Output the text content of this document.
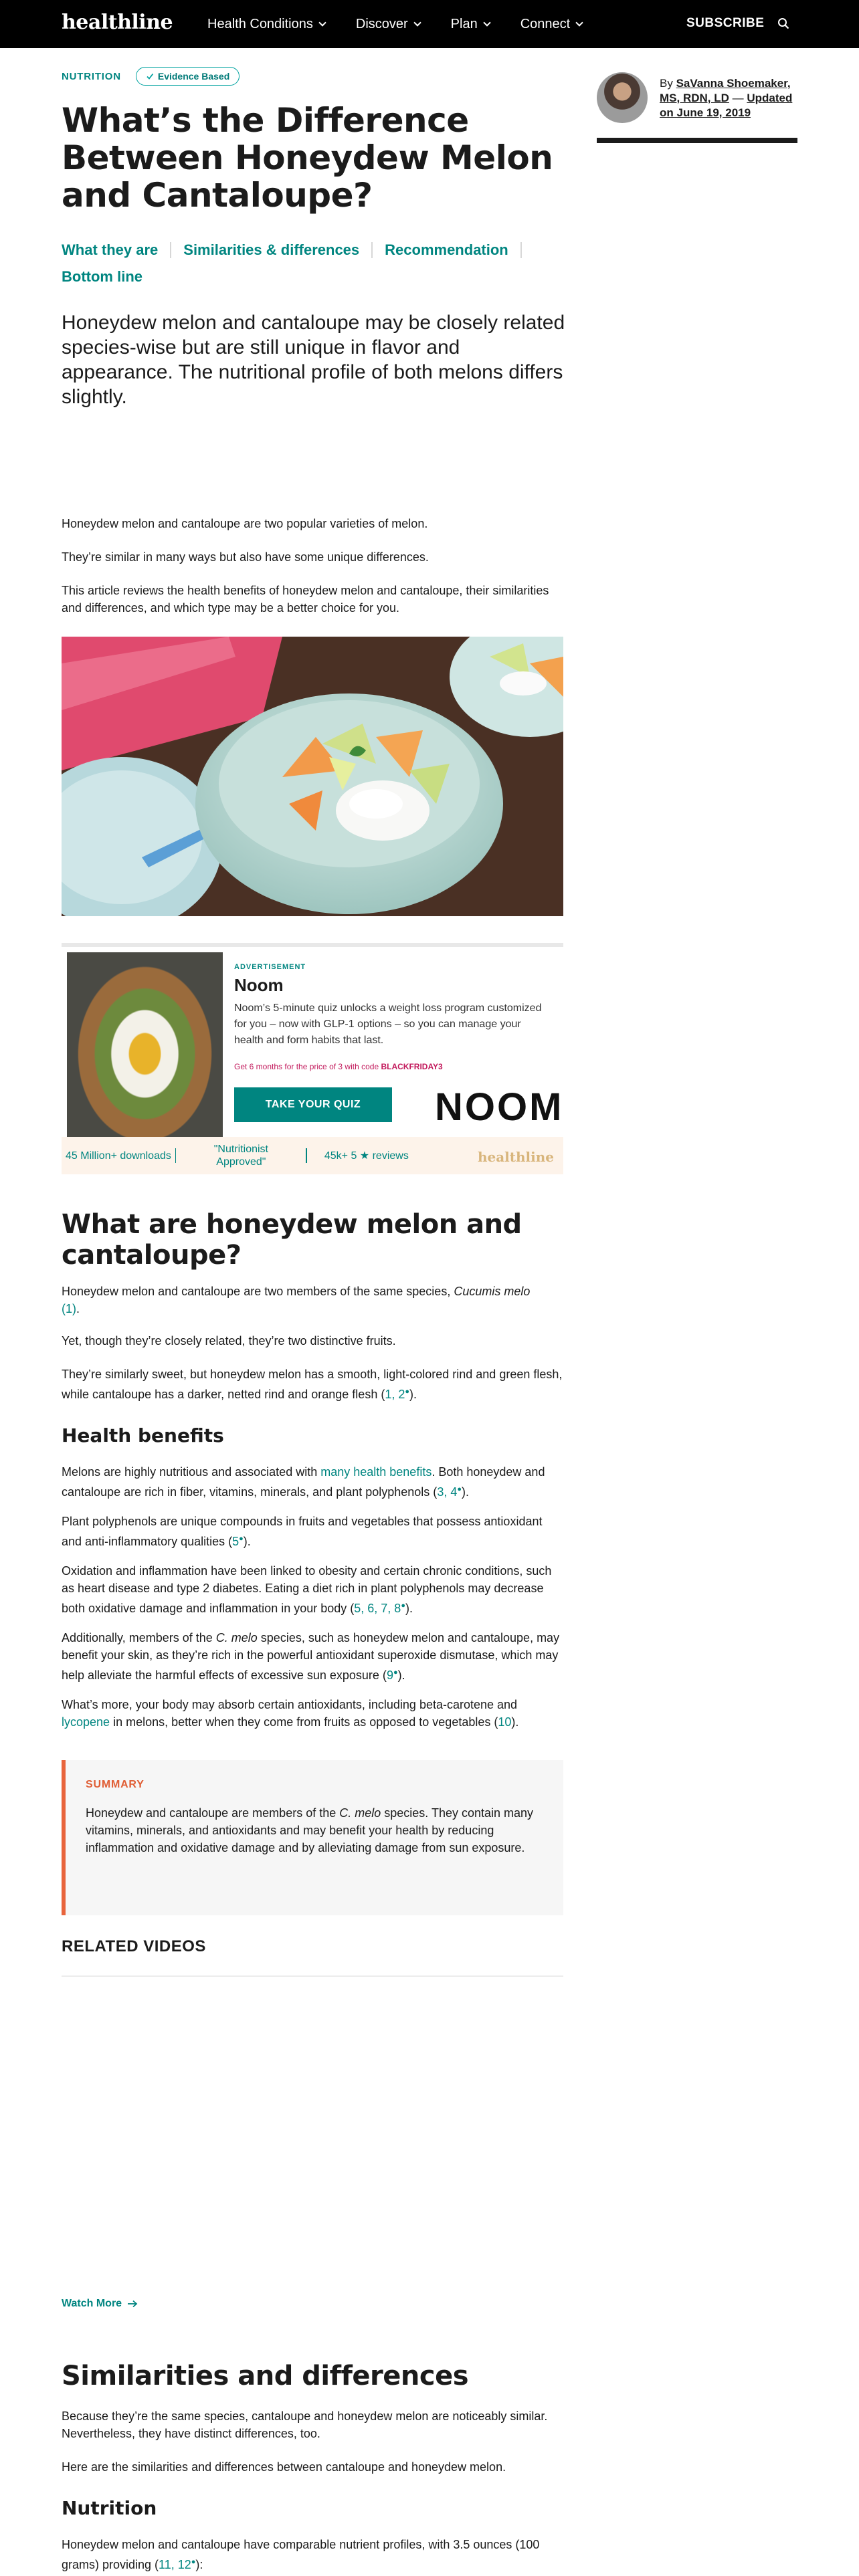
healthline	Health Conditions	Discover	Plan	Connect	SUBSCRIBE
NUTRITION	Evidence Based
What’s the Difference Between Honeydew Melon and Cantaloupe?
What they are Similarities & differences Recommendation
Bottom line

Honeydew melon and cantaloupe may be closely related species-wise but are still unique in flavor and appearance. The nutritional profile of both melons differs slightly.

By SaVanna Shoemaker, MS, RDN, LD — Updated on June 19, 2019

Honeydew melon and cantaloupe are two popular varieties of melon.

They’re similar in many ways but also have some unique differences.

This article reviews the health benefits of honeydew melon and cantaloupe, their similarities and differences, and which type may be a better choice for you.

ADVERTISEMENT
Noom
Noom’s 5-minute quiz unlocks a weight loss program customized for you – now with GLP-1 options – so you can manage your health and form habits that last.
Get 6 months for the price of 3 with code BLACKFRIDAY3
TAKE YOUR QUIZ	NOOM
45 Million+ downloads
"Nutritionist Approved"
45k+ 5 ★ reviews	healthline
What are honeydew melon and cantaloupe?

Honeydew melon and cantaloupe are two members of the same species, Cucumis melo
(1).

Yet, though they’re closely related, they’re two distinctive fruits.

They’re similarly sweet, but honeydew melon has a smooth, light-colored rind and green flesh, while cantaloupe has a darker, netted rind and orange flesh (1, 2●).

Health benefits

Melons are highly nutritious and associated with many health benefits. Both honeydew and cantaloupe are rich in fiber, vitamins, minerals, and plant polyphenols (3, 4●).

Plant polyphenols are unique compounds in fruits and vegetables that possess antioxidant and anti-inflammatory qualities (5●).

Oxidation and inflammation have been linked to obesity and certain chronic conditions, such as heart disease and type 2 diabetes. Eating a diet rich in plant polyphenols may decrease both oxidative damage and inflammation in your body (5, 6, 7, 8●).

Additionally, members of the C. melo species, such as honeydew melon and cantaloupe, may benefit your skin, as they’re rich in the powerful antioxidant superoxide dismutase, which may help alleviate the harmful effects of excessive sun exposure (9●).

What’s more, your body may absorb certain antioxidants, including beta-carotene and lycopene in melons, better when they come from fruits as opposed to vegetables (10).

SUMMARY

Honeydew and cantaloupe are members of the C. melo species. They contain many vitamins, minerals, and antioxidants and may benefit your health by reducing inflammation and oxidative damage and by alleviating damage from sun exposure.

RELATED VIDEOS
Watch More
Similarities and differences

Because they’re the same species, cantaloupe and honeydew melon are noticeably similar. Nevertheless, they have distinct differences, too.

Here are the similarities and differences between cantaloupe and honeydew melon.

Nutrition

Honeydew melon and cantaloupe have comparable nutrient profiles, with 3.5 ounces (100 grams) providing (11, 12●):
